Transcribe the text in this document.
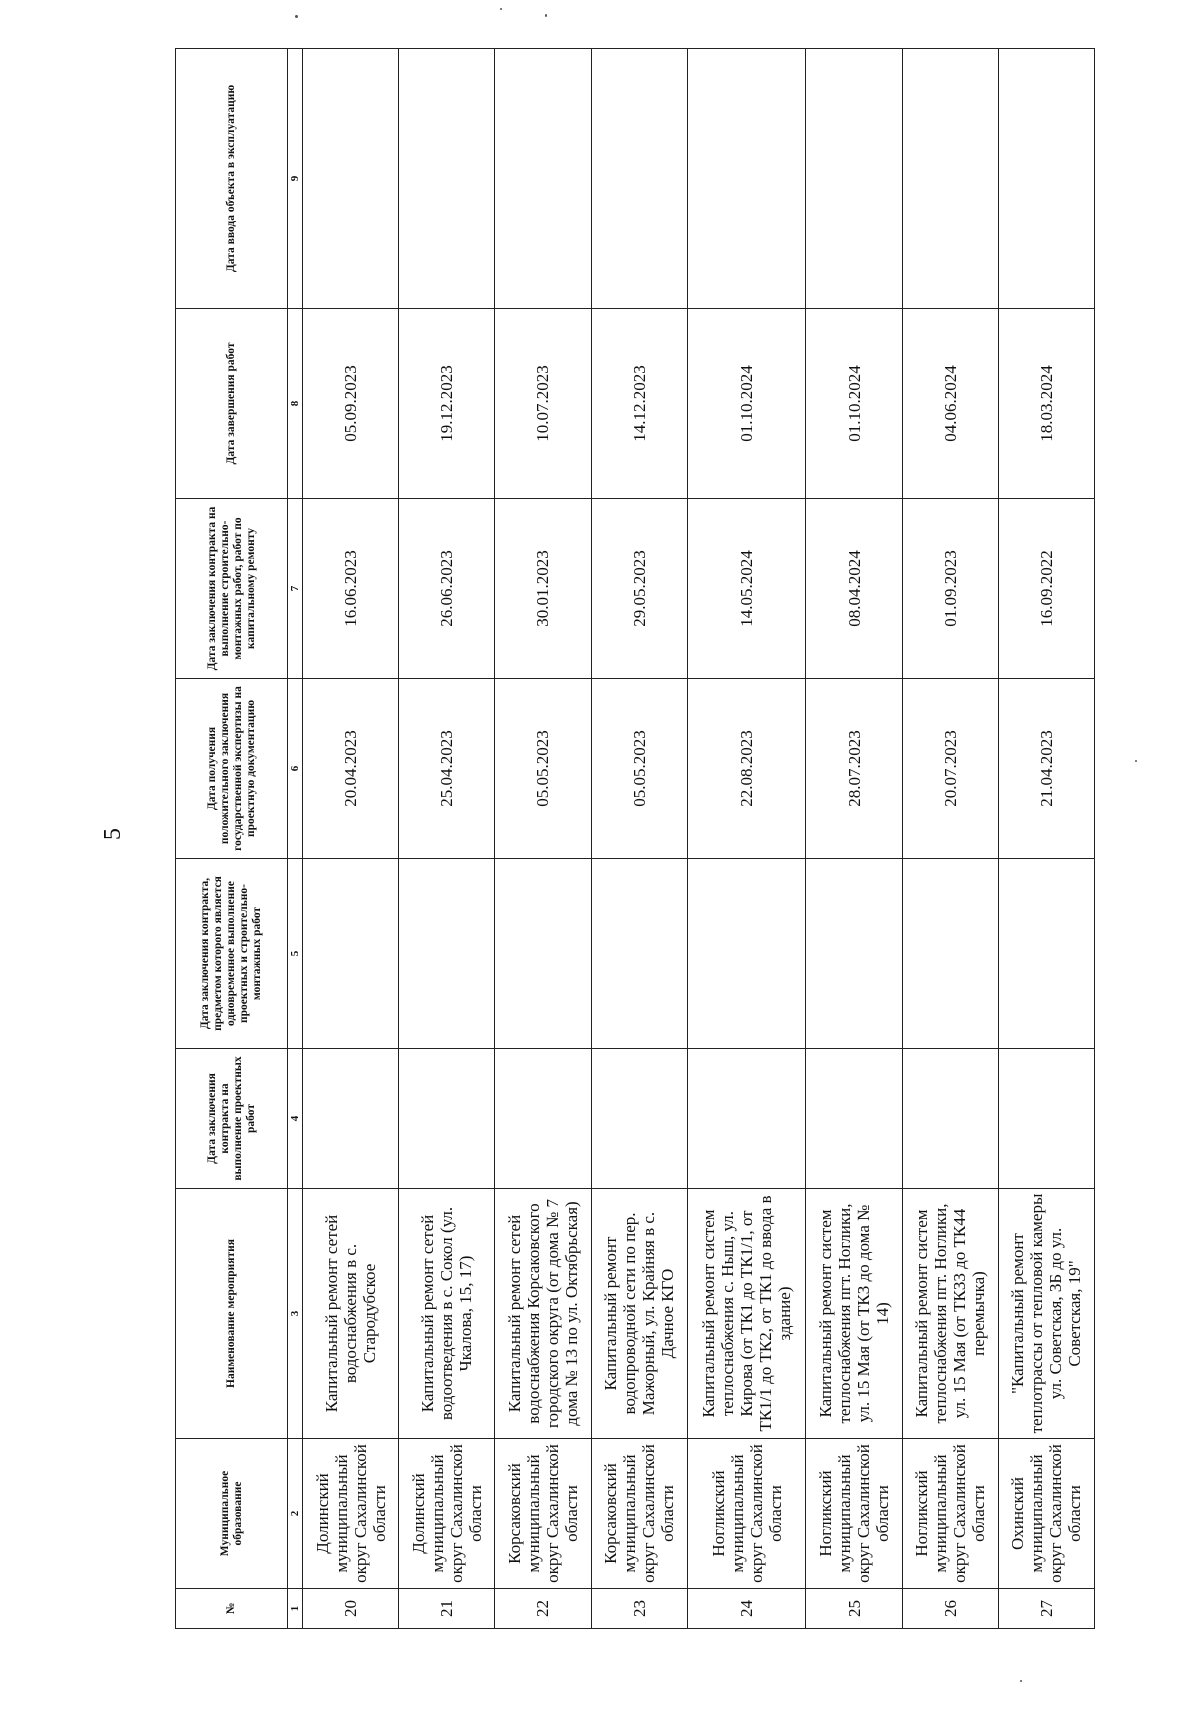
5
№	Муниципальное образование	Наименование мероприятия	Дата заключения контракта на выполнение проектных работ	Дата заключения контракта, предметом которого является одновременное выполнение проектных и строительно-монтажных работ	Дата получения положительного заключения государственной экспертизы на проектную документацию	Дата заключения контракта на выполнение строительно-монтажных работ, работ по капитальному ремонту	Дата завершения работ	Дата ввода объекта в эксплуатацию
1	2	3	4	5	6	7	8	9
20	Долинский муниципальный округ Сахалинской области	Капитальный ремонт сетей водоснабжения в с. Стародубское			20.04.2023	16.06.2023	05.09.2023	
21	Долинский муниципальный округ Сахалинской области	Капитальный ремонт сетей водоотведения в с. Сокол (ул. Чкалова, 15, 17)			25.04.2023	26.06.2023	19.12.2023	
22	Корсаковский муниципальный округ Сахалинской области	Капитальный ремонт сетей водоснабжения Корсаковского городского округа (от дома № 7 дома № 13 по ул. Октябрьская)			05.05.2023	30.01.2023	10.07.2023	
23	Корсаковский муниципальный округ Сахалинской области	Капитальный ремонт водопроводной сети по пер. Мажорный, ул. Крайняя в с. Дачное КГО			05.05.2023	29.05.2023	14.12.2023	
24	Ногликский муниципальный округ Сахалинской области	Капитальный ремонт систем теплоснабжения с. Ныш, ул. Кирова (от ТК1 до ТК1/1, от ТК1/1 до ТК2, от ТК1 до ввода в здание)			22.08.2023	14.05.2024	01.10.2024	
25	Ногликский муниципальный округ Сахалинской области	Капитальный ремонт систем теплоснабжения пгт. Ноглики, ул. 15 Мая (от ТК3 до дома № 14)			28.07.2023	08.04.2024	01.10.2024	
26	Ногликский муниципальный округ Сахалинской области	Капитальный ремонт систем теплоснабжения пгт. Ноглики, ул. 15 Мая (от ТК33 до ТК44 перемычка)			20.07.2023	01.09.2023	04.06.2024	
27	Охинский муниципальный округ Сахалинской области	"Капитальный ремонт теплотрассы от тепловой камеры ул. Советская, 3Б до ул. Советская, 19"			21.04.2023	16.09.2022	18.03.2024	
